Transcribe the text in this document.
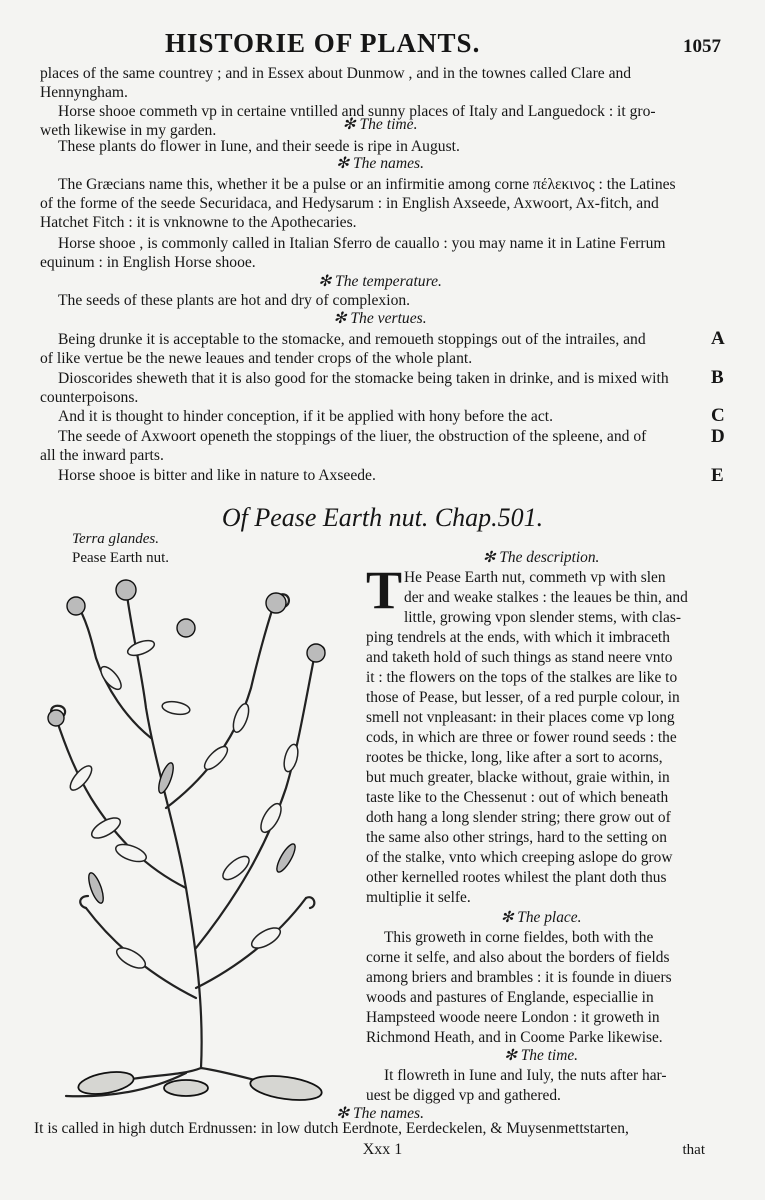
HISTORIE OF PLANTS.	1057
places of the same countrey ; and in Essex about Dunmow , and in the townes called Clare and
Hennyngham.
Horse shooe commeth vp in certaine vntilled and sunny places of Italy and Languedock : it gro-
weth likewise in my garden.	✻ The time.
These plants do flower in Iune, and their seede is ripe in August.
✻ The names.
The Græcians name this, whether it be a pulse or an infirmitie among corne πέλεκινος : the Latines
of the forme of the seede Securidaca, and Hedysarum : in English Axseede, Axwoort, Ax-fitch, and
Hatchet Fitch : it is vnknowne to the Apothecaries.
Horse shooe , is commonly called in Italian Sferro de cauallo : you may name it in Latine Ferrum
equinum : in English Horse shooe.
✻ The temperature.
The seeds of these plants are hot and dry of complexion.
✻ The vertues.
Being drunke it is acceptable to the stomacke, and remoueth stoppings out of the intrailes, and
of like vertue be the newe leaues and tender crops of the whole plant.
Dioscorides sheweth that it is also good for the stomacke being taken in drinke, and is mixed with
counterpoisons.
And it is thought to hinder conception, if it be applied with hony before the act.
The seede of Axwoort openeth the stoppings of the liuer, the obstruction of the spleene, and of
all the inward parts.
Horse shooe is bitter and like in nature to Axseede.
A
B
C
D
E
Of Pease Earth nut. Chap.501.
Terra glandes.
Pease Earth nut.	✻ The description.
He Pease Earth nut, commeth vp with slen
der and weake stalkes : the leaues be thin, and
little, growing vpon slender stems, with clas-
ping tendrels at the ends, with which it imbraceth
and taketh hold of such things as stand neere vnto
it : the flowers on the tops of the stalkes are like to
those of Pease, but lesser, of a red purple colour, in
smell not vnpleasant: in their places come vp long
cods, in which are three or fower round seeds : the
rootes be thicke, long, like after a sort to acorns,
but much greater, blacke without, graie within, in
taste like to the Chessenut : out of which beneath
doth hang a long slender string; there grow out of
the same also other strings, hard to the setting on
of the stalke, vnto which creeping aslope do grow
other kernelled rootes whilest the plant doth thus
multiplie it selfe.
✻ The place.
This groweth in corne fieldes, both with the
corne it selfe, and also about the borders of fields
among briers and brambles : it is founde in diuers
woods and pastures of Englande, especiallie in
Hampsteed woode neere London : it groweth in
Richmond Heath, and in Coome Parke likewise.
✻ The time.
It flowreth in Iune and Iuly, the nuts after har-
uest be digged vp and gathered.
T
✻ The names.
It is called in high dutch Erdnussen: in low dutch Eerdnote, Eerdeckelen, & Muysenmettstarten,
Xxx 1	that
